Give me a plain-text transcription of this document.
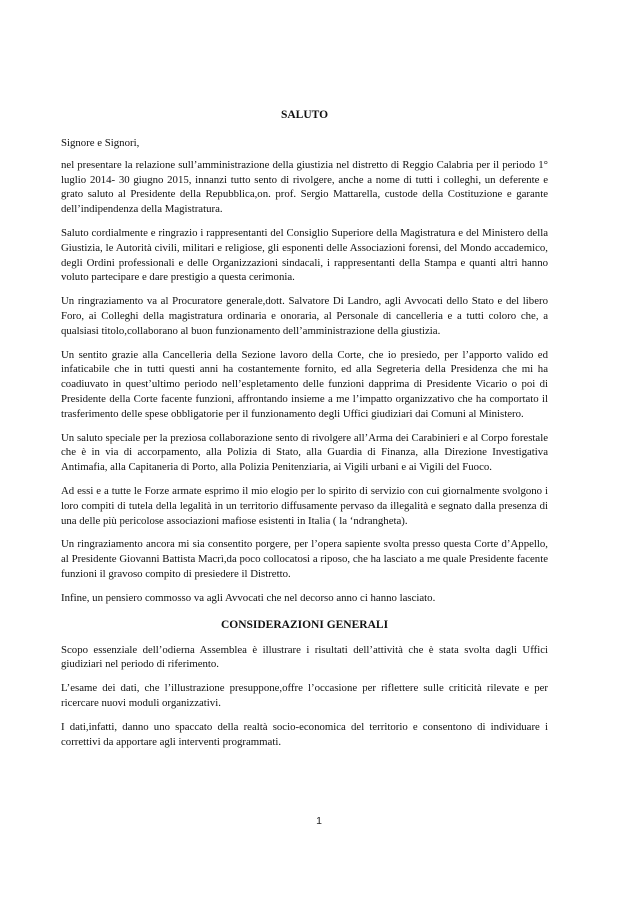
SALUTO
Signore e Signori,
nel presentare la relazione sull’amministrazione della giustizia nel distretto di Reggio Calabria per il periodo 1° luglio 2014- 30 giugno 2015, innanzi tutto sento di rivolgere, anche a nome di tutti i colleghi, un deferente e grato saluto al Presidente della Repubblica,on. prof. Sergio Mattarella, custode della Costituzione e garante dell’indipendenza della Magistratura.
Saluto cordialmente e ringrazio i rappresentanti del Consiglio Superiore della Magistratura e del Ministero della Giustizia, le Autorità civili, militari e religiose, gli esponenti delle Associazioni forensi, del Mondo accademico, degli Ordini professionali e delle Organizzazioni sindacali, i rappresentanti della Stampa e quanti altri hanno voluto partecipare e dare prestigio a questa cerimonia.
Un ringraziamento va al Procuratore generale,dott. Salvatore Di Landro, agli Avvocati dello Stato e del libero Foro, ai Colleghi della magistratura ordinaria e onoraria, al Personale di cancelleria e a tutti coloro che, a qualsiasi titolo,collaborano al buon funzionamento dell’amministrazione della giustizia.
Un sentito grazie alla Cancelleria della Sezione lavoro della Corte, che io presiedo, per l’apporto valido ed infaticabile che in tutti questi anni ha costantemente fornito, ed alla Segreteria della Presidenza che mi ha coadiuvato in quest’ultimo periodo nell’espletamento delle funzioni dapprima di Presidente Vicario o poi di Presidente della Corte facente funzioni, affrontando insieme a me l’impatto organizzativo che ha comportato il trasferimento delle spese obbligatorie per il funzionamento degli Uffici giudiziari dai Comuni al Ministero.
Un saluto speciale per la preziosa collaborazione sento di rivolgere all’Arma dei Carabinieri e al Corpo forestale che è in via di accorpamento, alla Polizia di Stato, alla Guardia di Finanza, alla Direzione Investigativa Antimafia, alla Capitaneria di Porto, alla Polizia Penitenziaria, ai Vigili urbani e ai Vigili del Fuoco.
Ad essi e a tutte le Forze armate esprimo il mio elogio per lo spirito di servizio con cui giornalmente svolgono i loro compiti di tutela della legalità in un territorio diffusamente pervaso da illegalità e segnato dalla presenza di una delle più pericolose associazioni mafiose esistenti in Italia ( la ‘ndrangheta).
Un ringraziamento ancora mi sia consentito porgere, per l’opera sapiente svolta presso questa Corte d’Appello, al Presidente Giovanni Battista Macrì,da poco collocatosi a riposo, che ha lasciato a me quale Presidente facente funzioni il gravoso compito di presiedere il Distretto.
Infine, un pensiero commosso va agli Avvocati che nel decorso anno ci hanno lasciato.
CONSIDERAZIONI GENERALI
Scopo essenziale dell’odierna Assemblea è illustrare i risultati dell’attività che è stata svolta dagli Uffici giudiziari nel periodo di riferimento.
L’esame dei dati, che l’illustrazione presuppone,offre l’occasione per riflettere sulle criticità rilevate e per ricercare nuovi moduli organizzativi.
I dati,infatti, danno uno spaccato della realtà socio-economica del territorio e consentono di individuare i correttivi da apportare agli interventi programmati.
1
